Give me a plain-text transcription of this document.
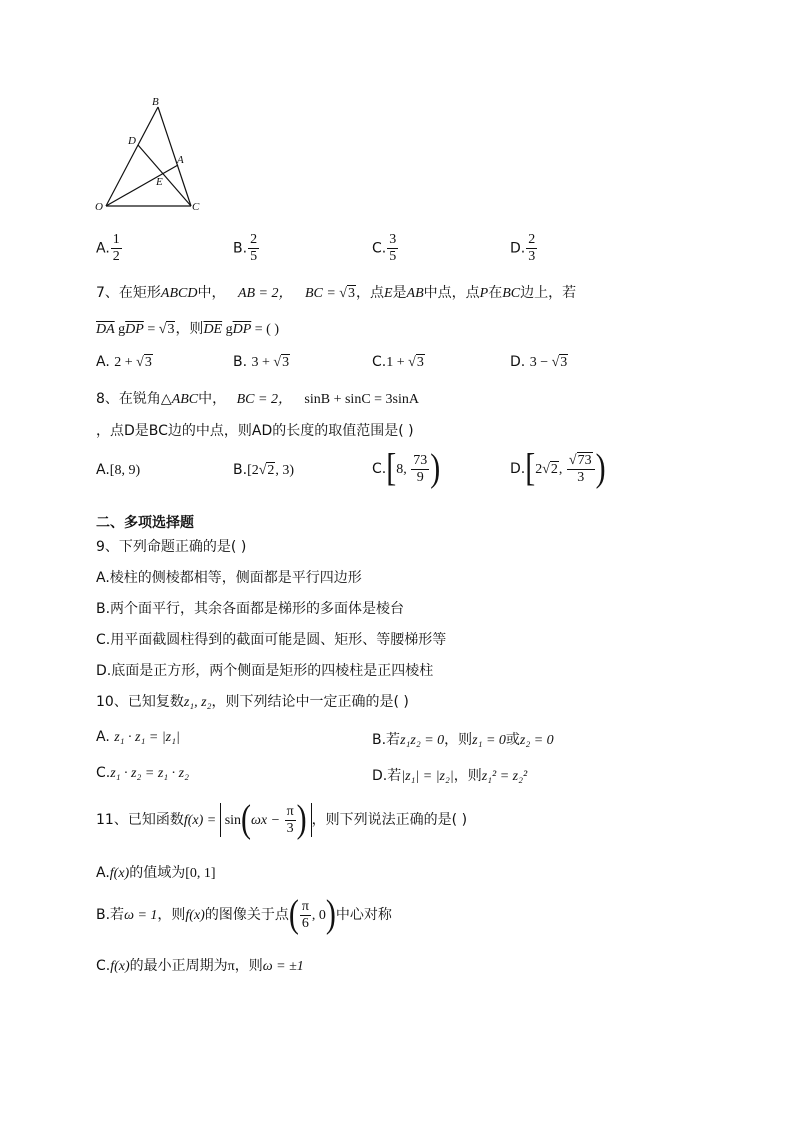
B
D
A
E
O	C
A. $\frac{1}{2}$	B. $\frac{2}{5}$	C. $\frac{3}{5}$	D. $\frac{2}{3}$
7、在矩形ABCD中， AB = 2， BC = √3，点E是AB中点，点P在BC边上，若
$\overline{DA}$ $g\overline{DP} = √3$，则$\overline{DE}$ $g\overline{DP}$ = ( )
A. 2 + √3	B. 3 + √3	C.1 + √3	D. 3 − √3
8、在锐角△ABC中， BC = 2， sinB + sinC = 3sinA
，点D是BC边的中点，则AD的长度的取值范围是( )
A.[8, 9)	B.[2√2, 3)	C.[8, $\frac{73}{9}$ )	D.[2√2, $\frac{√73}{3}$ )
二、多项选择题
9、下列命题正确的是( )
A.棱柱的侧棱都相等，侧面都是平行四边形
B.两个面平行，其余各面都是梯形的多面体是棱台
C.用平面截圆柱得到的截面可能是圆、矩形、等腰梯形等
D.底面是正方形，两个侧面是矩形的四棱柱是正四棱柱
10、已知复数z₁, z₂，则下列结论中一定正确的是( )
A. z₁ · z₁ = |z₁|	B.若z₁z₂ = 0，则z₁ = 0或z₂ = 0
C.z₁ · z₂ = z₁ · z₂	D.若|z₁| = |z₂|，则z₁² = z₂²
11、已知函数$f(x) = \sin(\omega x - \frac{\pi}{3}$ ) ，则下列说法正确的是( )
A.f(x)的值域为[0, 1]
B.若ω = 1，则f(x)的图像关于点( $\frac{\pi}{6}$ , 0)中心对称
C.f(x)的最小正周期为π，则ω = ±1
